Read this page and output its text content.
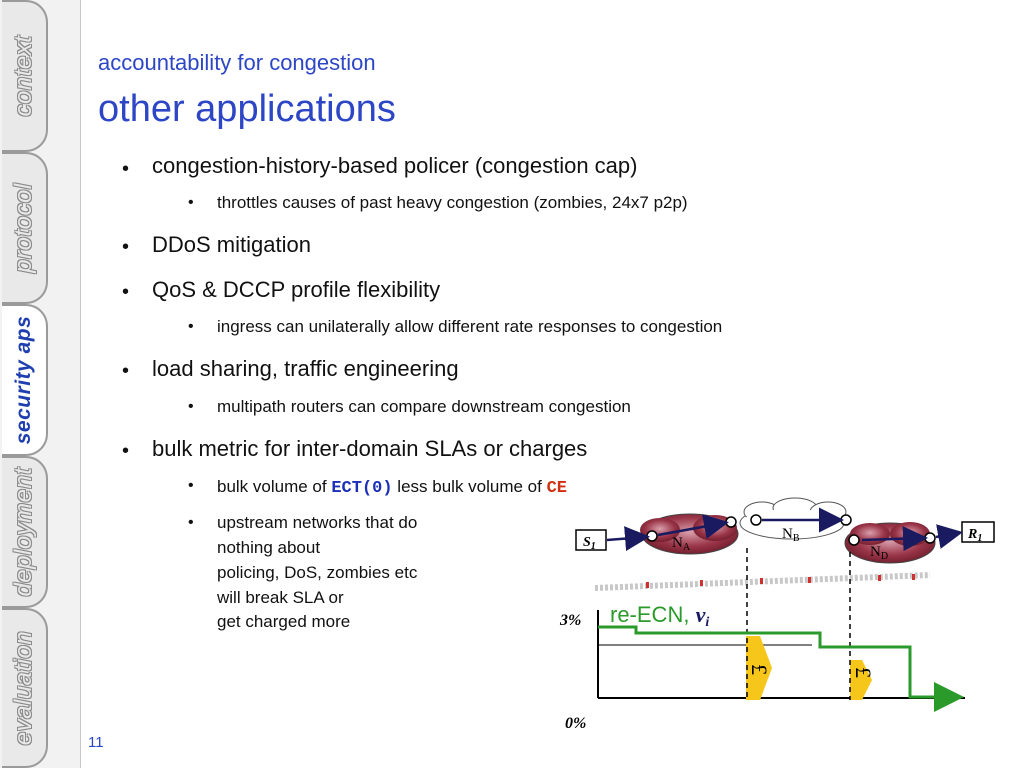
context
protocol
security aps
deployment
evaluation
accountability for congestion
other applications
• congestion-history-based policer (congestion cap)
• throttles causes of past heavy congestion (zombies, 24x7 p2p)
• DDoS mitigation
• QoS & DCCP profile flexibility
• ingress can unilaterally allow different rate responses to congestion
• load sharing, traffic engineering
• multipath routers can compare downstream congestion
• bulk metric for inter-domain SLAs or charges
• bulk volume of ECT(0) less bulk volume of CE
• upstream networks that do
nothing about
policing, DoS, zombies etc
will break SLA or
get charged more
$S_1$
$R_1$
$N_A$
$N_B$
$N_D$
3%
0%
re-ECN, vi
£	£
11
